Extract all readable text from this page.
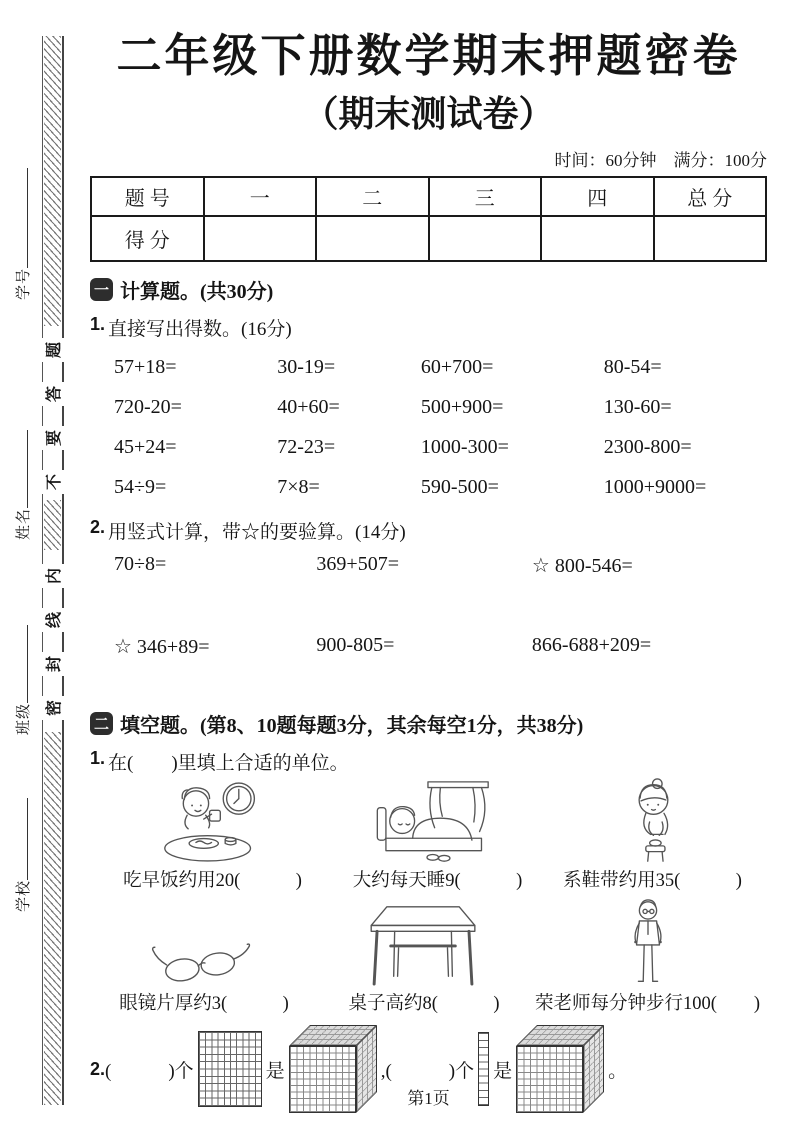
学号
姓名
班级
学校
题
答
要
不
内
线
封
密
二年级下册数学期末押题密卷
（期末测试卷）
时间：60分钟　满分：100分
题 号	一	二	三	四	总 分
得 分					
一 计算题。(共30分)
1. 直接写出得数。(16分)
57+18=	30-19=	60+700=	80-54=
720-20=	40+60=	500+900=	130-60=
45+24=	72-23=	1000-300=	2300-800=
54÷9=	7×8=	590-500=	1000+9000=
2. 用竖式计算，带☆的要验算。(14分)
70÷8=	369+507=	☆ 800-546=
☆ 346+89=	900-805=	866-688+209=
二 填空题。(第8、10题每题3分，其余每空1分，共38分)
1. 在(　　)里填上合适的单位。
吃早饭约用20(　　　)	大约每天睡9(　　　) 系鞋带约用35(　　　)
眼镜片厚约3(　　　)	桌子高约8(　　　) 荣老师每分钟步行100(　　)
2. (　　　)个	是	,(　　　)个 是	。
第1页
